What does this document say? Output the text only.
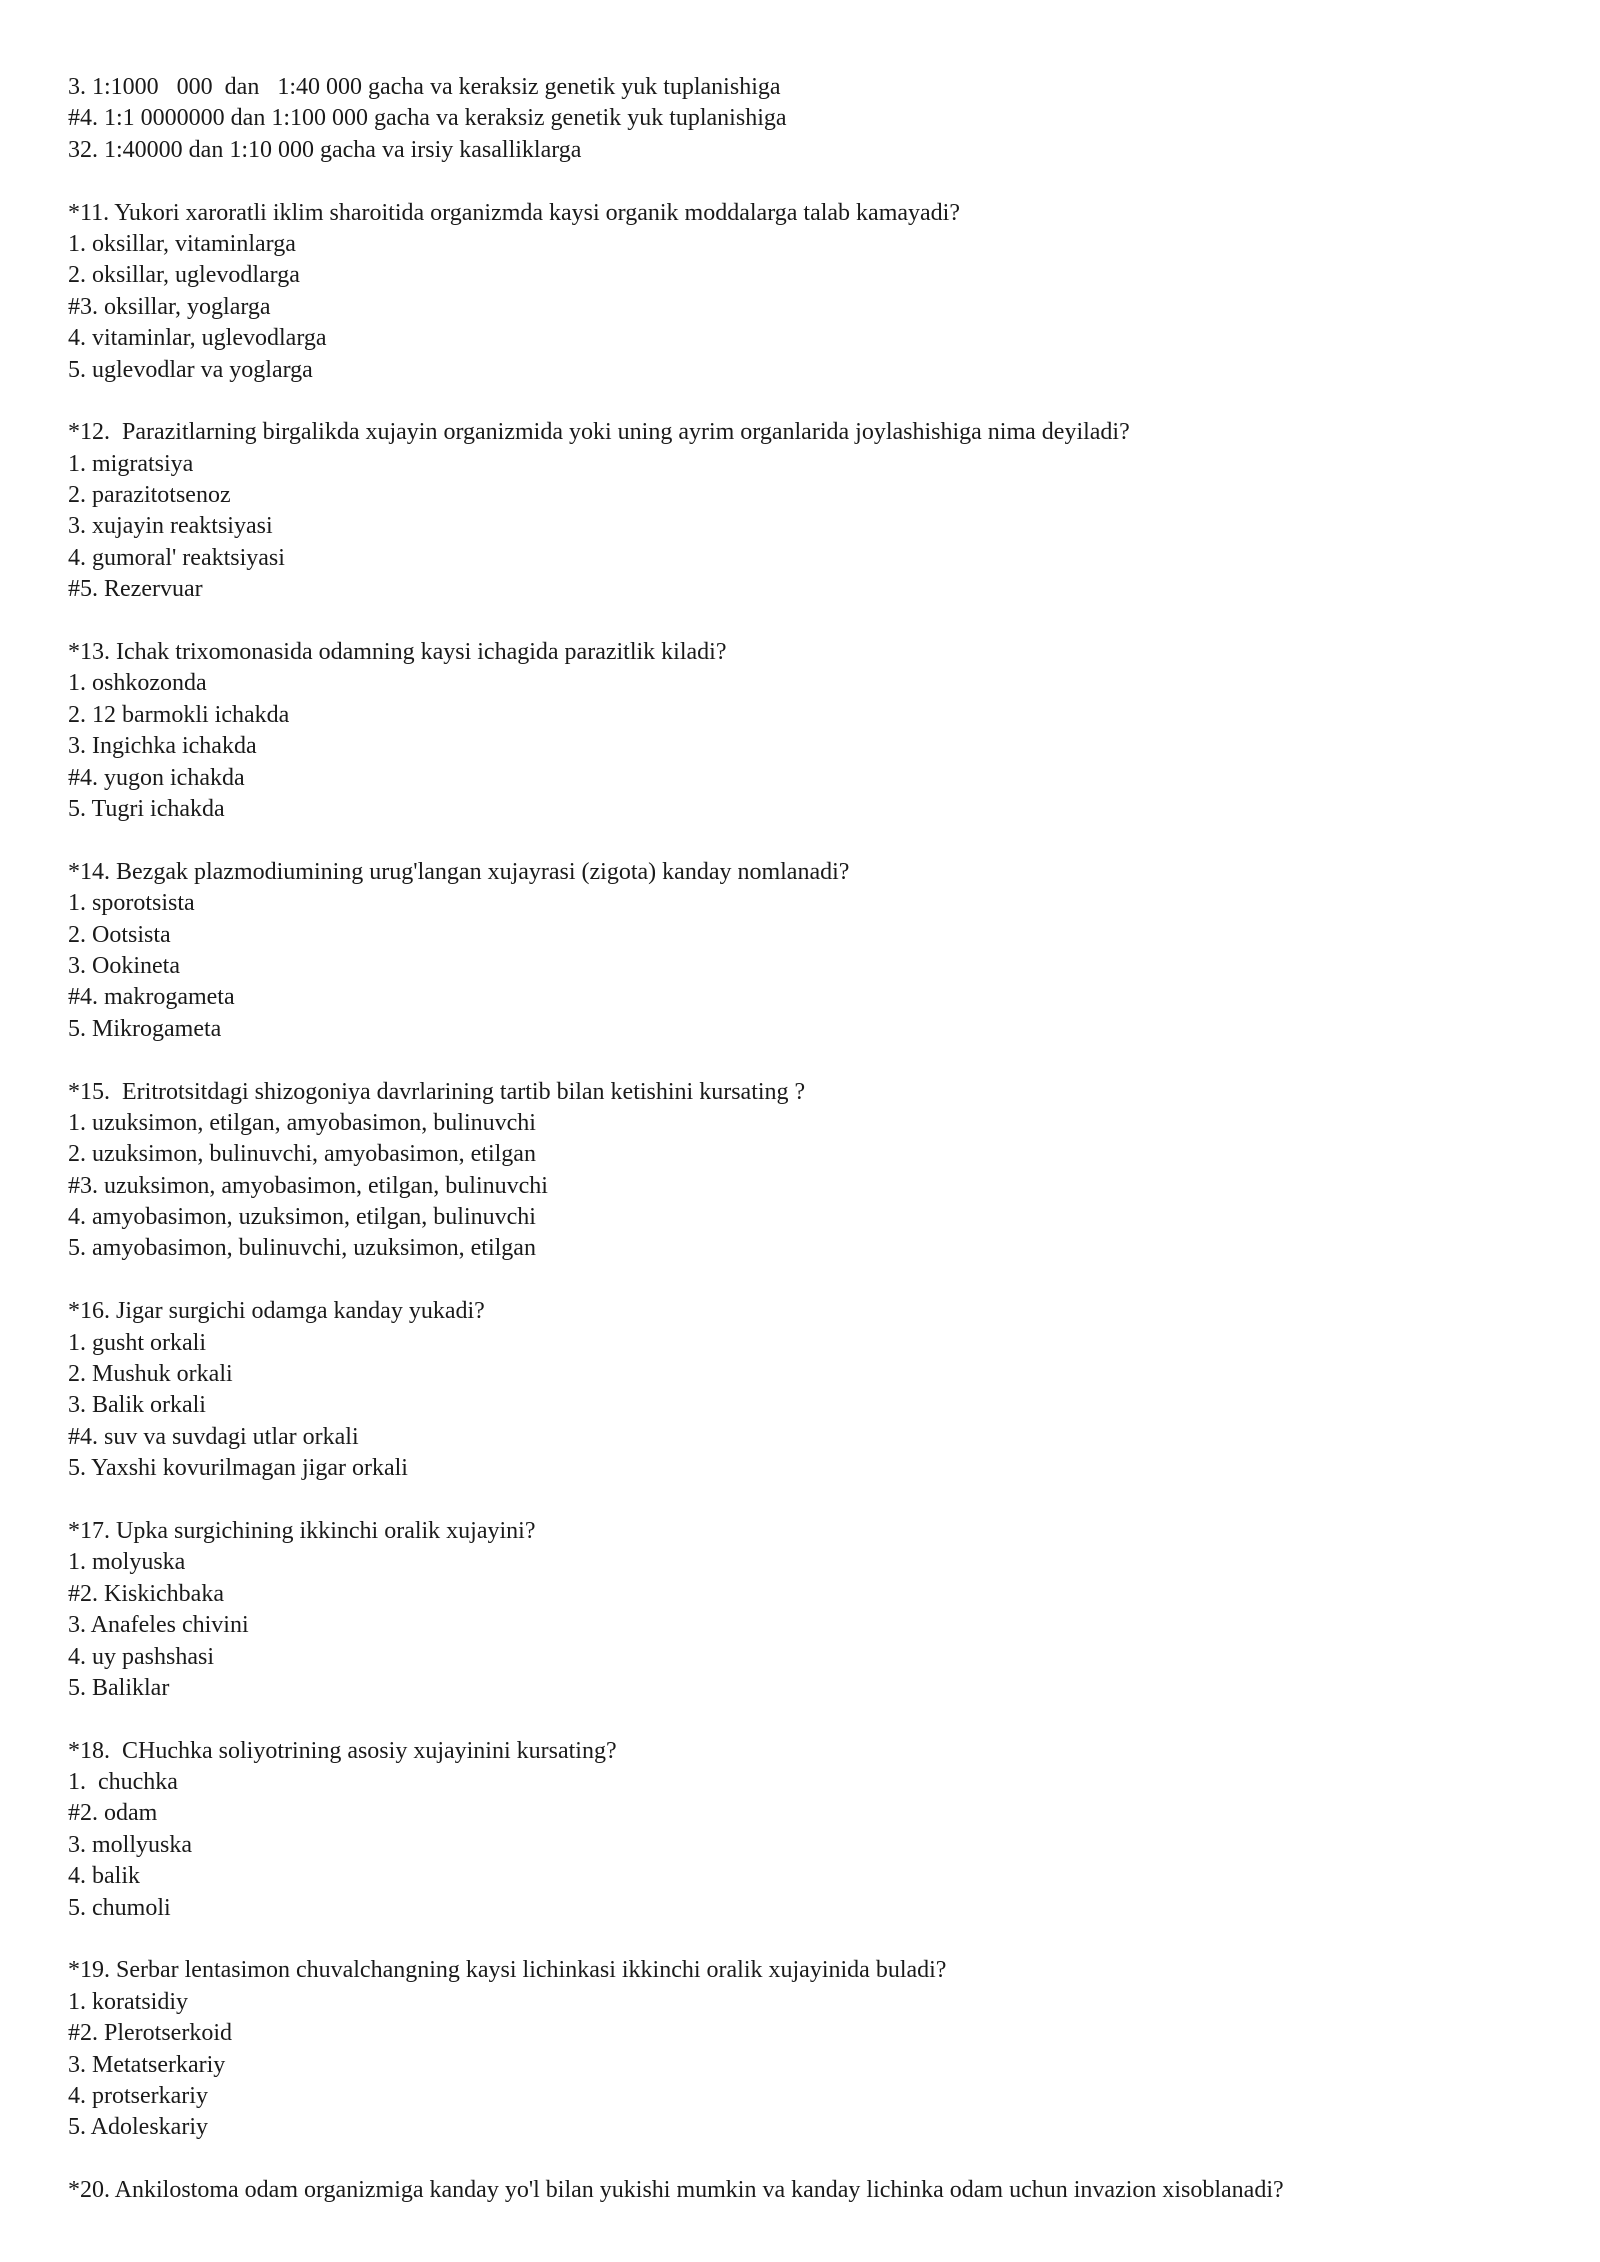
3. 1:1000   000  dan   1:40 000 gacha va keraksiz genetik yuk tuplanishiga
#4. 1:1 0000000 dan 1:100 000 gacha va keraksiz genetik yuk tuplanishiga
32. 1:40000 dan 1:10 000 gacha va irsiy kasalliklarga
*11. Yukori xaroratli iklim sharoitida organizmda kaysi organik moddalarga talab kamayadi?
1. oksillar, vitaminlarga
2. oksillar, uglevodlarga
#3. oksillar, yoglarga
4. vitaminlar, uglevodlarga
5. uglevodlar va yoglarga
*12.  Parazitlarning birgalikda xujayin organizmida yoki uning ayrim organlarida joylashishiga nima deyiladi?
1. migratsiya
2. parazitotsenoz
3. xujayin reaktsiyasi
4. gumoral' reaktsiyasi
#5. Rezervuar
*13. Ichak trixomonasida odamning kaysi ichagida parazitlik kiladi?
1. oshkozonda
2. 12 barmokli ichakda
3. Ingichka ichakda
#4. yugon ichakda
5. Tugri ichakda
*14. Bezgak plazmodiumining urug'langan xujayrasi (zigota) kanday nomlanadi?
1. sporotsista
2. Ootsista
3. Ookineta
#4. makrogameta
5. Mikrogameta
*15.  Eritrotsitdagi shizogoniya davrlarining tartib bilan ketishini kursating ?
1. uzuksimon, etilgan, amyobasimon, bulinuvchi
2. uzuksimon, bulinuvchi, amyobasimon, etilgan
#3. uzuksimon, amyobasimon, etilgan, bulinuvchi
4. amyobasimon, uzuksimon, etilgan, bulinuvchi
5. amyobasimon, bulinuvchi, uzuksimon, etilgan
*16. Jigar surgichi odamga kanday yukadi?
1. gusht orkali
2. Mushuk orkali
3. Balik orkali
#4. suv va suvdagi utlar orkali
5. Yaxshi kovurilmagan jigar orkali
*17. Upka surgichining ikkinchi oralik xujayini?
1. molyuska
#2. Kiskichbaka
3. Anafeles chivini
4. uy pashshasi
5. Baliklar
*18.  CHuchka soliyotrining asosiy xujayinini kursating?
1.  chuchka
#2. odam
3. mollyuska
4. balik
5. chumoli
*19. Serbar lentasimon chuvalchangning kaysi lichinkasi ikkinchi oralik xujayinida buladi?
1. koratsidiy
#2. Plerotserkoid
3. Metatserkariy
4. protserkariy
5. Adoleskariy
*20. Ankilostoma odam organizmiga kanday yo'l bilan yukishi mumkin va kanday lichinka odam uchun invazion xisoblanadi?
